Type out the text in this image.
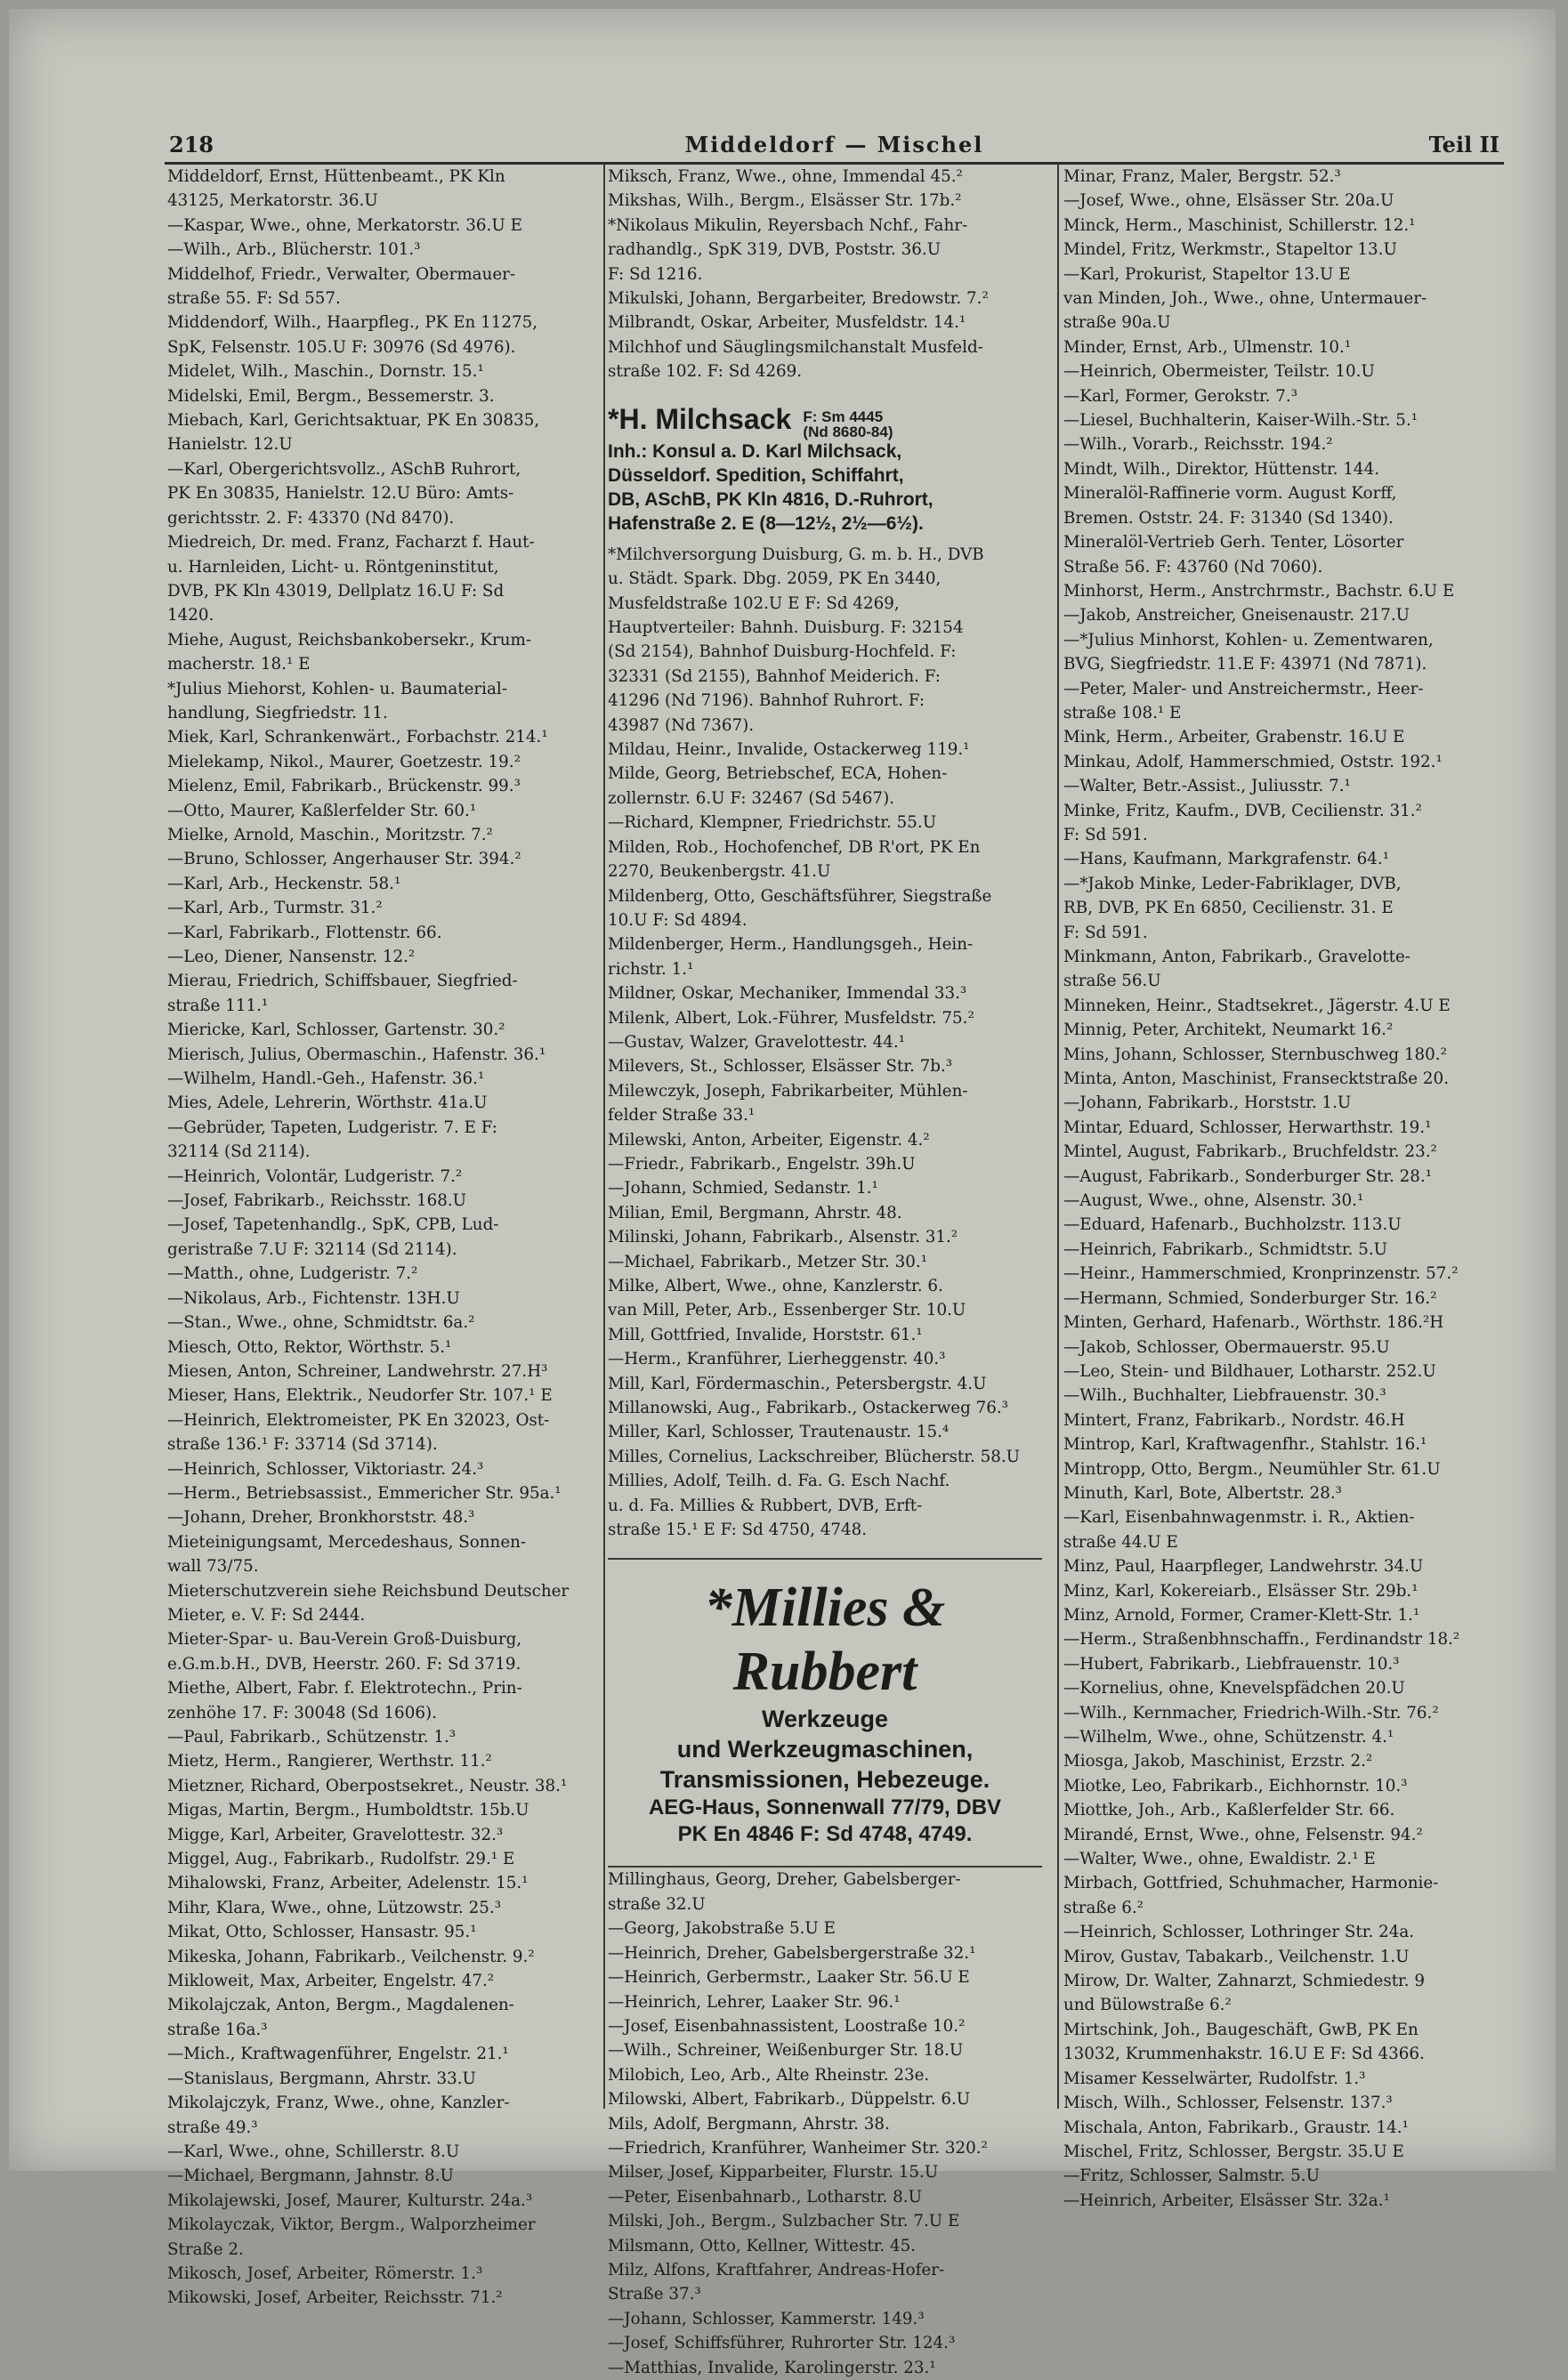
218	Middeldorf — Mischel	Teil II
Middeldorf, Ernst, Hüttenbeamt., PK Kln
43125, Merkatorstr. 36.U
—Kaspar, Wwe., ohne, Merkatorstr. 36.U E
—Wilh., Arb., Blücherstr. 101.³
Middelhof, Friedr., Verwalter, Obermauer-
straße 55. F: Sd 557.
Middendorf, Wilh., Haarpfleg., PK En 11275,
SpK, Felsenstr. 105.U F: 30976 (Sd 4976).
Midelet, Wilh., Maschin., Dornstr. 15.¹
Midelski, Emil, Bergm., Bessemerstr. 3.
Miebach, Karl, Gerichtsaktuar, PK En 30835,
Hanielstr. 12.U
—Karl, Obergerichtsvollz., ASchB Ruhrort,
PK En 30835, Hanielstr. 12.U Büro: Amts-
gerichtsstr. 2. F: 43370 (Nd 8470).
Miedreich, Dr. med. Franz, Facharzt f. Haut-
u. Harnleiden, Licht- u. Röntgeninstitut,
DVB, PK Kln 43019, Dellplatz 16.U F: Sd
1420.
Miehe, August, Reichsbankobersekr., Krum-
macherstr. 18.¹ E
*Julius Miehorst, Kohlen- u. Baumaterial-
handlung, Siegfriedstr. 11.
Miek, Karl, Schrankenwärt., Forbachstr. 214.¹
Mielekamp, Nikol., Maurer, Goetzestr. 19.²
Mielenz, Emil, Fabrikarb., Brückenstr. 99.³
—Otto, Maurer, Kaßlerfelder Str. 60.¹
Mielke, Arnold, Maschin., Moritzstr. 7.²
—Bruno, Schlosser, Angerhauser Str. 394.²
—Karl, Arb., Heckenstr. 58.¹
—Karl, Arb., Turmstr. 31.²
—Karl, Fabrikarb., Flottenstr. 66.
—Leo, Diener, Nansenstr. 12.²
Mierau, Friedrich, Schiffsbauer, Siegfried-
straße 111.¹
Miericke, Karl, Schlosser, Gartenstr. 30.²
Mierisch, Julius, Obermaschin., Hafenstr. 36.¹
—Wilhelm, Handl.-Geh., Hafenstr. 36.¹
Mies, Adele, Lehrerin, Wörthstr. 41a.U
—Gebrüder, Tapeten, Ludgeristr. 7. E F:
32114 (Sd 2114).
—Heinrich, Volontär, Ludgeristr. 7.²
—Josef, Fabrikarb., Reichsstr. 168.U
—Josef, Tapetenhandlg., SpK, CPB, Lud-
geristraße 7.U F: 32114 (Sd 2114).
—Matth., ohne, Ludgeristr. 7.²
—Nikolaus, Arb., Fichtenstr. 13H.U
—Stan., Wwe., ohne, Schmidtstr. 6a.²
Miesch, Otto, Rektor, Wörthstr. 5.¹
Miesen, Anton, Schreiner, Landwehrstr. 27.H³
Mieser, Hans, Elektrik., Neudorfer Str. 107.¹ E
—Heinrich, Elektromeister, PK En 32023, Ost-
straße 136.¹ F: 33714 (Sd 3714).
—Heinrich, Schlosser, Viktoriastr. 24.³
—Herm., Betriebsassist., Emmericher Str. 95a.¹
—Johann, Dreher, Bronkhorststr. 48.³
Mieteinigungsamt, Mercedeshaus, Sonnen-
wall 73/75.
Mieterschutzverein siehe Reichsbund Deutscher
Mieter, e. V. F: Sd 2444.
Mieter-Spar- u. Bau-Verein Groß-Duisburg,
e.G.m.b.H., DVB, Heerstr. 260. F: Sd 3719.
Miethe, Albert, Fabr. f. Elektrotechn., Prin-
zenhöhe 17. F: 30048 (Sd 1606).
—Paul, Fabrikarb., Schützenstr. 1.³
Mietz, Herm., Rangierer, Werthstr. 11.²
Mietzner, Richard, Oberpostsekret., Neustr. 38.¹
Migas, Martin, Bergm., Humboldtstr. 15b.U
Migge, Karl, Arbeiter, Gravelottestr. 32.³
Miggel, Aug., Fabrikarb., Rudolfstr. 29.¹ E
Mihalowski, Franz, Arbeiter, Adelenstr. 15.¹
Mihr, Klara, Wwe., ohne, Lützowstr. 25.³
Mikat, Otto, Schlosser, Hansastr. 95.¹
Mikeska, Johann, Fabrikarb., Veilchenstr. 9.²
Mikloweit, Max, Arbeiter, Engelstr. 47.²
Mikolajczak, Anton, Bergm., Magdalenen-
straße 16a.³
—Mich., Kraftwagenführer, Engelstr. 21.¹
—Stanislaus, Bergmann, Ahrstr. 33.U
Mikolajczyk, Franz, Wwe., ohne, Kanzler-
straße 49.³
—Karl, Wwe., ohne, Schillerstr. 8.U
—Michael, Bergmann, Jahnstr. 8.U
Mikolajewski, Josef, Maurer, Kulturstr. 24a.³
Mikolayczak, Viktor, Bergm., Walporzheimer
Straße 2.
Mikosch, Josef, Arbeiter, Römerstr. 1.³
Mikowski, Josef, Arbeiter, Reichsstr. 71.²
Miksch, Franz, Wwe., ohne, Immendal 45.²
Mikshas, Wilh., Bergm., Elsässer Str. 17b.²
*Nikolaus Mikulin, Reyersbach Nchf., Fahr-
radhandlg., SpK 319, DVB, Poststr. 36.U
F: Sd 1216.
Mikulski, Johann, Bergarbeiter, Bredowstr. 7.²
Milbrandt, Oskar, Arbeiter, Musfeldstr. 14.¹
Milchhof und Säuglingsmilchanstalt Musfeld-
straße 102. F: Sd 4269.
*H. Milchsack F: Sm 4445
(Nd 8680-84)
Inh.: Konsul a. D. Karl Milchsack,
Düsseldorf. Spedition, Schiffahrt,
DB, ASchB, PK Kln 4816, D.-Ruhrort,
Hafenstraße 2. E (8—12½, 2½—6½).
*Milchversorgung Duisburg, G. m. b. H., DVB
u. Städt. Spark. Dbg. 2059, PK En 3440,
Musfeldstraße 102.U E F: Sd 4269,
Hauptverteiler: Bahnh. Duisburg. F: 32154
(Sd 2154), Bahnhof Duisburg-Hochfeld. F:
32331 (Sd 2155), Bahnhof Meiderich. F:
41296 (Nd 7196). Bahnhof Ruhrort. F:
43987 (Nd 7367).
Mildau, Heinr., Invalide, Ostackerweg 119.¹
Milde, Georg, Betriebschef, ECA, Hohen-
zollernstr. 6.U F: 32467 (Sd 5467).
—Richard, Klempner, Friedrichstr. 55.U
Milden, Rob., Hochofenchef, DB R'ort, PK En
2270, Beukenbergstr. 41.U
Mildenberg, Otto, Geschäftsführer, Siegstraße
10.U F: Sd 4894.
Mildenberger, Herm., Handlungsgeh., Hein-
richstr. 1.¹
Mildner, Oskar, Mechaniker, Immendal 33.³
Milenk, Albert, Lok.-Führer, Musfeldstr. 75.²
—Gustav, Walzer, Gravelottestr. 44.¹
Milevers, St., Schlosser, Elsässer Str. 7b.³
Milewczyk, Joseph, Fabrikarbeiter, Mühlen-
felder Straße 33.¹
Milewski, Anton, Arbeiter, Eigenstr. 4.²
—Friedr., Fabrikarb., Engelstr. 39h.U
—Johann, Schmied, Sedanstr. 1.¹
Milian, Emil, Bergmann, Ahrstr. 48.
Milinski, Johann, Fabrikarb., Alsenstr. 31.²
—Michael, Fabrikarb., Metzer Str. 30.¹
Milke, Albert, Wwe., ohne, Kanzlerstr. 6.
van Mill, Peter, Arb., Essenberger Str. 10.U
Mill, Gottfried, Invalide, Horststr. 61.¹
—Herm., Kranführer, Lierheggenstr. 40.³
Mill, Karl, Fördermaschin., Petersbergstr. 4.U
Millanowski, Aug., Fabrikarb., Ostackerweg 76.³
Miller, Karl, Schlosser, Trautenaustr. 15.⁴
Milles, Cornelius, Lackschreiber, Blücherstr. 58.U
Millies, Adolf, Teilh. d. Fa. G. Esch Nachf.
u. d. Fa. Millies & Rubbert, DVB, Erft-
straße 15.¹ E F: Sd 4750, 4748.
*Millies & Rubbert
Werkzeuge
und Werkzeugmaschinen,
Transmissionen, Hebezeuge.
AEG-Haus, Sonnenwall 77/79, DBV
PK En 4846 F: Sd 4748, 4749.
Millinghaus, Georg, Dreher, Gabelsberger-
straße 32.U
—Georg, Jakobstraße 5.U E
—Heinrich, Dreher, Gabelsbergerstraße 32.¹
—Heinrich, Gerbermstr., Laaker Str. 56.U E
—Heinrich, Lehrer, Laaker Str. 96.¹
—Josef, Eisenbahnassistent, Loostraße 10.²
—Wilh., Schreiner, Weißenburger Str. 18.U
Milobich, Leo, Arb., Alte Rheinstr. 23e.
Milowski, Albert, Fabrikarb., Düppelstr. 6.U
Mils, Adolf, Bergmann, Ahrstr. 38.
—Friedrich, Kranführer, Wanheimer Str. 320.²
Milser, Josef, Kipparbeiter, Flurstr. 15.U
—Peter, Eisenbahnarb., Lotharstr. 8.U
Milski, Joh., Bergm., Sulzbacher Str. 7.U E
Milsmann, Otto, Kellner, Wittestr. 45.
Milz, Alfons, Kraftfahrer, Andreas-Hofer-
Straße 37.³
—Johann, Schlosser, Kammerstr. 149.³
—Josef, Schiffsführer, Ruhrorter Str. 124.³
—Matthias, Invalide, Karolingerstr. 23.¹
Minar, Franz, Maler, Bergstr. 52.³
—Josef, Wwe., ohne, Elsässer Str. 20a.U
Minck, Herm., Maschinist, Schillerstr. 12.¹
Mindel, Fritz, Werkmstr., Stapeltor 13.U
—Karl, Prokurist, Stapeltor 13.U E
van Minden, Joh., Wwe., ohne, Untermauer-
straße 90a.U
Minder, Ernst, Arb., Ulmenstr. 10.¹
—Heinrich, Obermeister, Teilstr. 10.U
—Karl, Former, Gerokstr. 7.³
—Liesel, Buchhalterin, Kaiser-Wilh.-Str. 5.¹
—Wilh., Vorarb., Reichsstr. 194.²
Mindt, Wilh., Direktor, Hüttenstr. 144.
Mineralöl-Raffinerie vorm. August Korff,
Bremen. Oststr. 24. F: 31340 (Sd 1340).
Mineralöl-Vertrieb Gerh. Tenter, Lösorter
Straße 56. F: 43760 (Nd 7060).
Minhorst, Herm., Anstrchrmstr., Bachstr. 6.U E
—Jakob, Anstreicher, Gneisenaustr. 217.U
—*Julius Minhorst, Kohlen- u. Zementwaren,
BVG, Siegfriedstr. 11.E F: 43971 (Nd 7871).
—Peter, Maler- und Anstreichermstr., Heer-
straße 108.¹ E
Mink, Herm., Arbeiter, Grabenstr. 16.U E
Minkau, Adolf, Hammerschmied, Oststr. 192.¹
—Walter, Betr.-Assist., Juliusstr. 7.¹
Minke, Fritz, Kaufm., DVB, Cecilienstr. 31.²
F: Sd 591.
—Hans, Kaufmann, Markgrafenstr. 64.¹
—*Jakob Minke, Leder-Fabriklager, DVB,
RB, DVB, PK En 6850, Cecilienstr. 31. E
F: Sd 591.
Minkmann, Anton, Fabrikarb., Gravelotte-
straße 56.U
Minneken, Heinr., Stadtsekret., Jägerstr. 4.U E
Minnig, Peter, Architekt, Neumarkt 16.²
Mins, Johann, Schlosser, Sternbuschweg 180.²
Minta, Anton, Maschinist, Fransecktstraße 20.
—Johann, Fabrikarb., Horststr. 1.U
Mintar, Eduard, Schlosser, Herwarthstr. 19.¹
Mintel, August, Fabrikarb., Bruchfeldstr. 23.²
—August, Fabrikarb., Sonderburger Str. 28.¹
—August, Wwe., ohne, Alsenstr. 30.¹
—Eduard, Hafenarb., Buchholzstr. 113.U
—Heinrich, Fabrikarb., Schmidtstr. 5.U
—Heinr., Hammerschmied, Kronprinzenstr. 57.²
—Hermann, Schmied, Sonderburger Str. 16.²
Minten, Gerhard, Hafenarb., Wörthstr. 186.²H
—Jakob, Schlosser, Obermauerstr. 95.U
—Leo, Stein- und Bildhauer, Lotharstr. 252.U
—Wilh., Buchhalter, Liebfrauenstr. 30.³
Mintert, Franz, Fabrikarb., Nordstr. 46.H
Mintrop, Karl, Kraftwagenfhr., Stahlstr. 16.¹
Mintropp, Otto, Bergm., Neumühler Str. 61.U
Minuth, Karl, Bote, Albertstr. 28.³
—Karl, Eisenbahnwagenmstr. i. R., Aktien-
straße 44.U E
Minz, Paul, Haarpfleger, Landwehrstr. 34.U
Minz, Karl, Kokereiarb., Elsässer Str. 29b.¹
Minz, Arnold, Former, Cramer-Klett-Str. 1.¹
—Herm., Straßenbhnschaffn., Ferdinandstr 18.²
—Hubert, Fabrikarb., Liebfrauenstr. 10.³
—Kornelius, ohne, Knevelspfädchen 20.U
—Wilh., Kernmacher, Friedrich-Wilh.-Str. 76.²
—Wilhelm, Wwe., ohne, Schützenstr. 4.¹
Miosga, Jakob, Maschinist, Erzstr. 2.²
Miotke, Leo, Fabrikarb., Eichhornstr. 10.³
Miottke, Joh., Arb., Kaßlerfelder Str. 66.
Mirandé, Ernst, Wwe., ohne, Felsenstr. 94.²
—Walter, Wwe., ohne, Ewaldistr. 2.¹ E
Mirbach, Gottfried, Schuhmacher, Harmonie-
straße 6.²
—Heinrich, Schlosser, Lothringer Str. 24a.
Mirov, Gustav, Tabakarb., Veilchenstr. 1.U
Mirow, Dr. Walter, Zahnarzt, Schmiedestr. 9
und Bülowstraße 6.²
Mirtschink, Joh., Baugeschäft, GwB, PK En
13032, Krummenhakstr. 16.U E F: Sd 4366.
Misamer Kesselwärter, Rudolfstr. 1.³
Misch, Wilh., Schlosser, Felsenstr. 137.³
Mischala, Anton, Fabrikarb., Graustr. 14.¹
Mischel, Fritz, Schlosser, Bergstr. 35.U E
—Fritz, Schlosser, Salmstr. 5.U
—Heinrich, Arbeiter, Elsässer Str. 32a.¹
